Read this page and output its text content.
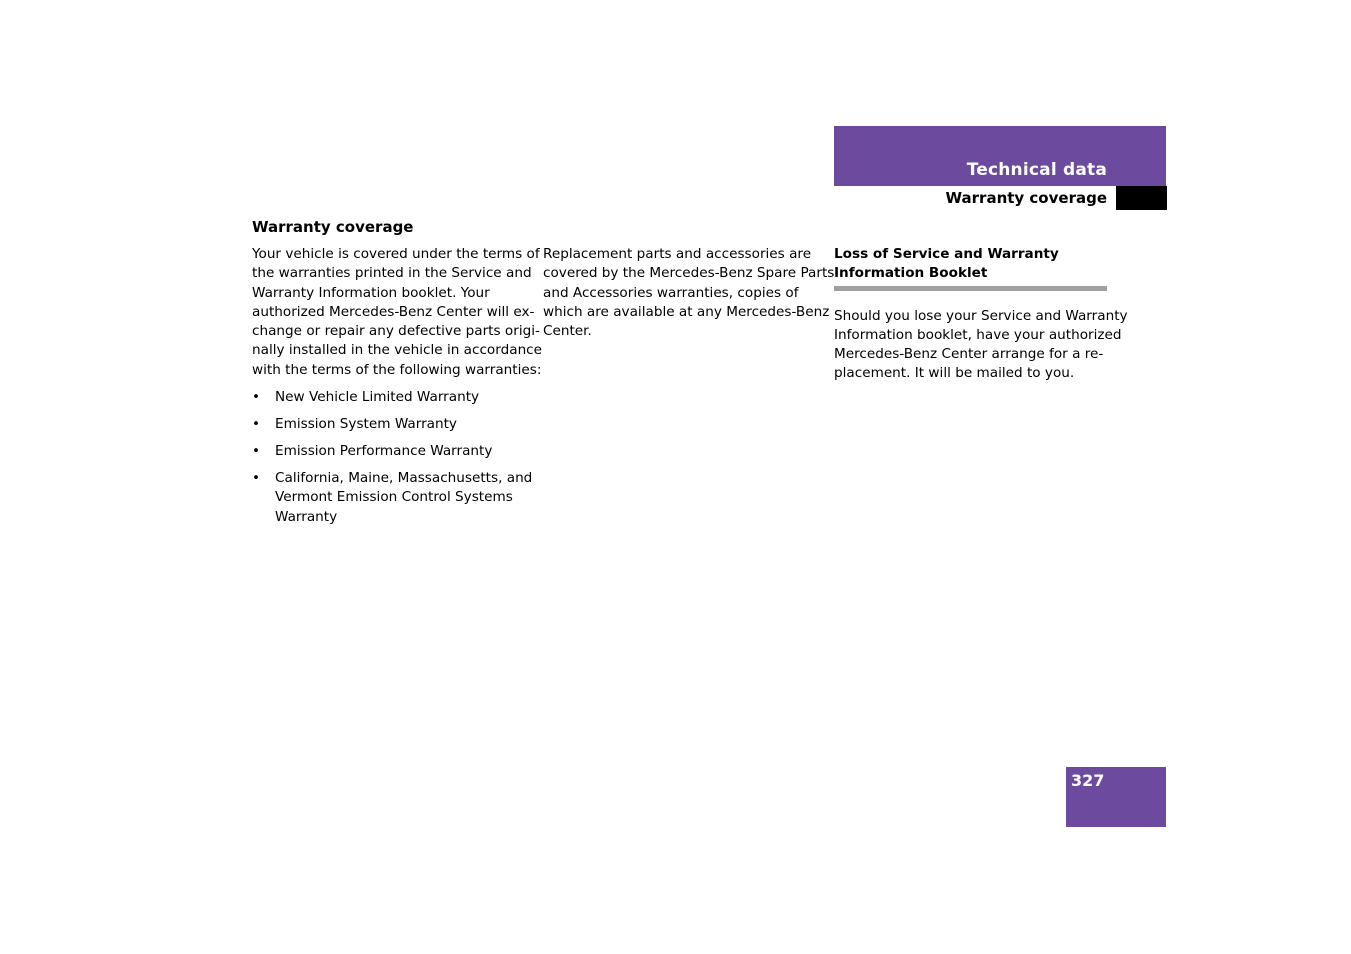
Technical data
Warranty coverage
Warranty coverage

Your vehicle is covered under the terms of
the warranties printed in the Service and
Warranty Information booklet. Your
authorized Mercedes-Benz Center will ex-
change or repair any defective parts origi-
nally installed in the vehicle in accordance
with the terms of the following warranties:

• New Vehicle Limited Warranty
• Emission System Warranty
• Emission Performance Warranty
• California, Maine, Massachusetts, and
Vermont Emission Control Systems
Warranty

Replacement parts and accessories are
covered by the Mercedes-Benz Spare Parts
and Accessories warranties, copies of
which are available at any Mercedes-Benz
Center.

Loss of Service and Warranty
Information Booklet

Should you lose your Service and Warranty
Information booklet, have your authorized
Mercedes-Benz Center arrange for a re-
placement. It will be mailed to you.

327
